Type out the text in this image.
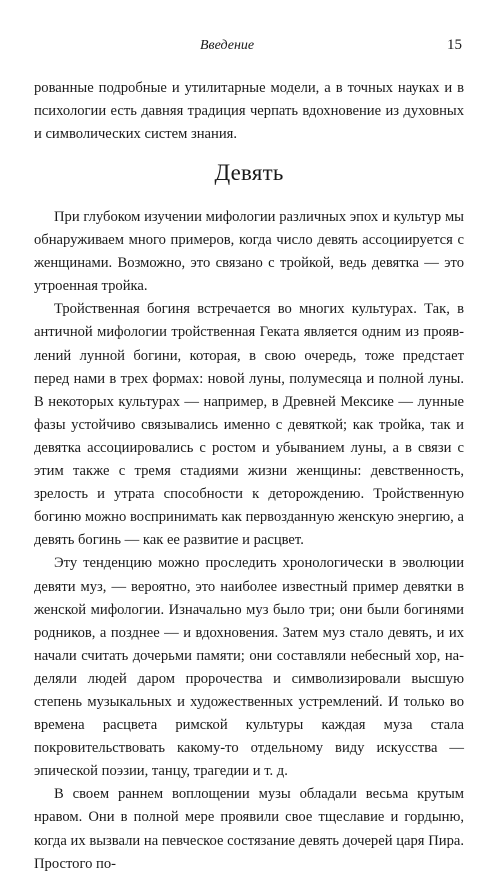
Введение	15

рованные подробные и утилитарные модели, а в точных науках и в психологии есть давняя традиция черпать вдохновение из духовных и символических систем знания.

Девять

При глубоком изучении мифологии различных эпох и культур мы обнаруживаем много примеров, когда число девять ассоциируется с женщинами. Возможно, это связано с тройкой, ведь девятка — это утроенная тройка.

Тройственная богиня встречается во многих культурах. Так, в античной мифологии тройственная Геката является одним из проявлений лунной богини, которая, в свою очередь, тоже предстает перед нами в трех формах: новой луны, полумесяца и полной луны. В некоторых культурах — например, в Древней Мексике — лунные фазы устойчиво связывались именно с девяткой; как тройка, так и девятка ассоциировались с ростом и убыванием луны, а в связи с этим также с тремя стадиями жизни женщины: девственность, зрелость и утрата способности к деторождению. Тройственную богиню можно воспринимать как первозданную женскую энергию, а девять богинь — как ее развитие и расцвет.

Эту тенденцию можно проследить хронологически в эволюции девяти муз, — вероятно, это наиболее известный пример девятки в женской мифологии. Изначально муз было три; они были богинями родников, а позднее — и вдохновения. Затем муз стало девять, и их начали считать дочерьми памяти; они составляли небесный хор, наделяли людей даром пророчества и символизировали высшую степень музыкальных и художественных устремлений. И только во времена расцвета римской культуры каждая муза стала покровительствовать какому-то отдельному виду искусства — эпической поэзии, танцу, трагедии и т. д.

В своем раннем воплощении музы обладали весьма крутым нравом. Они в полной мере проявили свое тщеславие и гордыню, когда их вызвали на певческое состязание девять дочерей царя Пира. Простого по-
